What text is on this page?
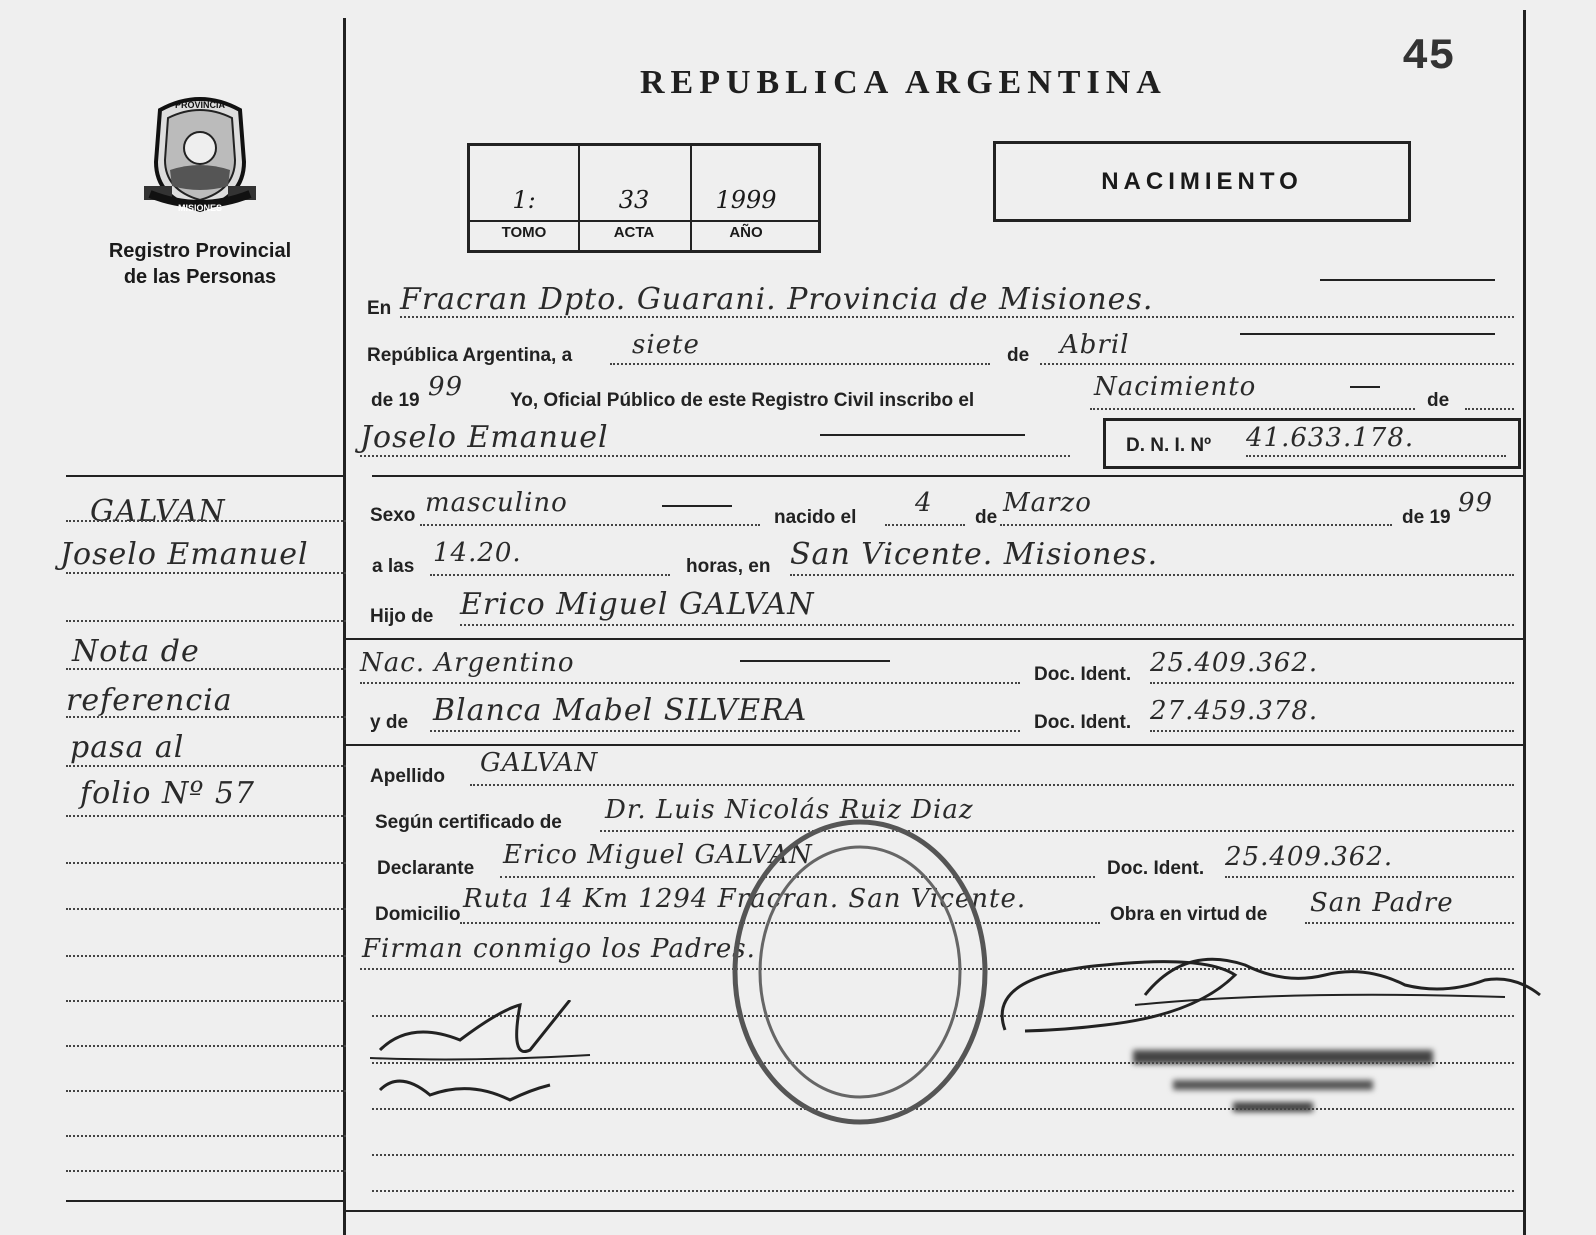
45
REPUBLICA ARGENTINA
PROVINCIA
MISIONES
Registro Provincial
de las Personas
1:	33	1999
TOMO	ACTA	AÑO
NACIMIENTO
En Fracran Dpto. Guarani. Provincia de Misiones.
República Argentina, a siete	de Abril
de 19 99 Yo, Oficial Público de este Registro Civil inscribo el	Nacimiento	de
Joselo Emanuel	D. N. I. Nº 41.633.178.
Sexo masculino	nacido el 4 de Marzo	de 19 99
a las 14.20.	horas, en San Vicente. Misiones.
Hijo de Erico Miguel GALVAN
Nac. Argentino	Doc. Ident. 25.409.362.
y de Blanca Mabel SILVERA	Doc. Ident. 27.459.378.
Apellido GALVAN
Según certificado de Dr. Luis Nicolás Ruiz Diaz
Declarante Erico Miguel GALVAN	Doc. Ident. 25.409.362.
Domicilio
Ruta 14 Km 1294 Fracran. San Vicente.
Obra en virtud de San Padre
Firman conmigo los Padres.
GALVAN
Joselo Emanuel
Nota de
referencia
pasa al
folio Nº 57
